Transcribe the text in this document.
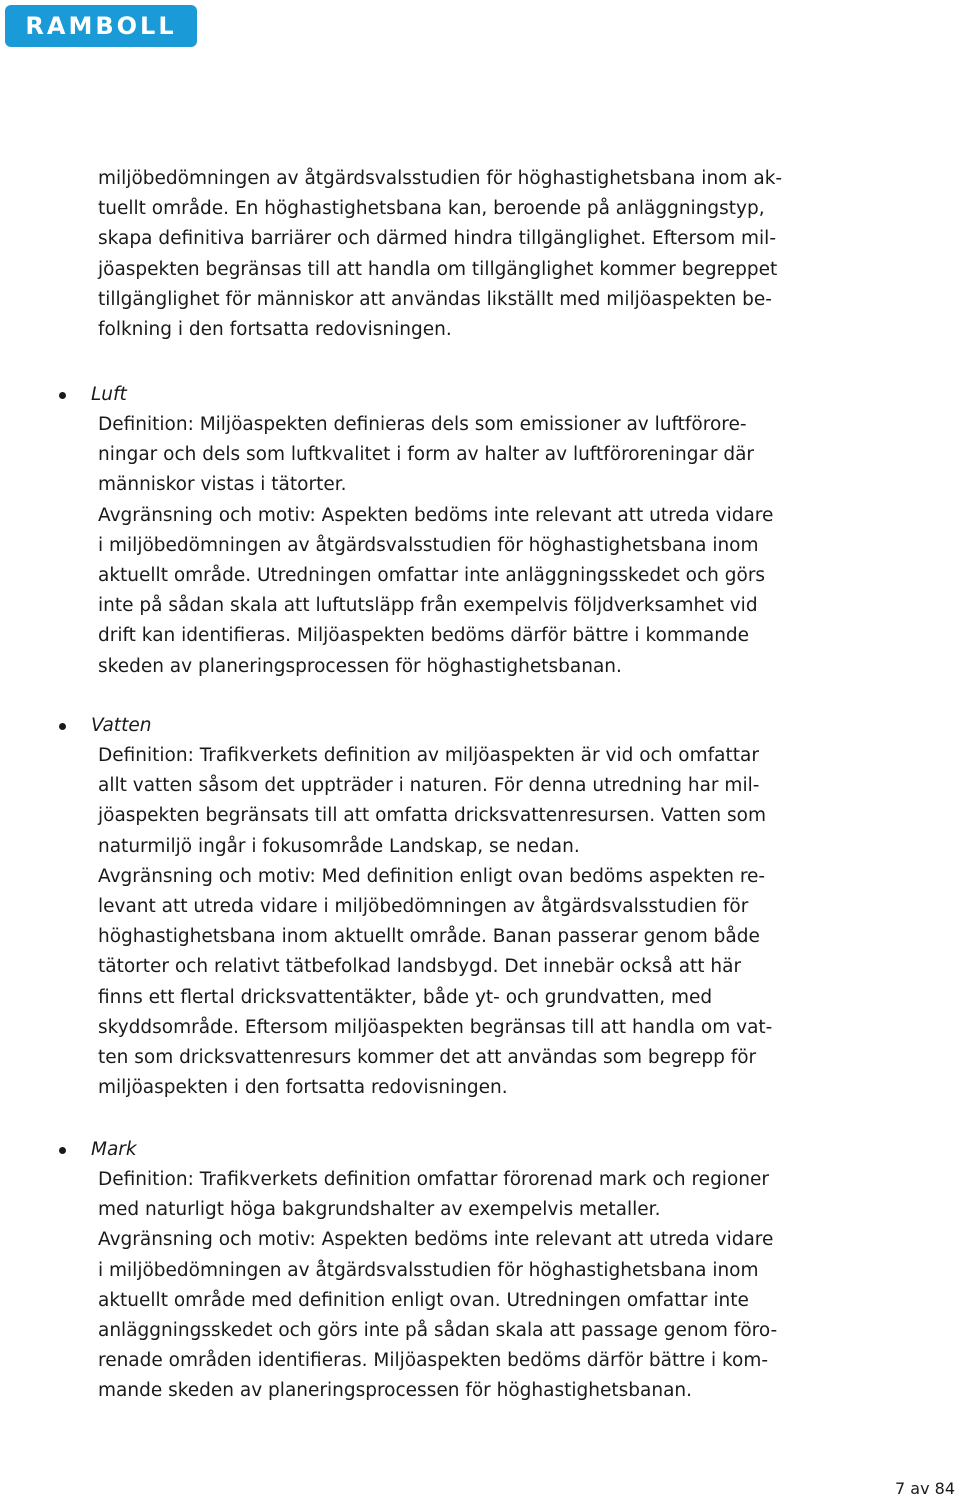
RAMBOLL
miljöbedömningen av åtgärdsvalsstudien för höghastighetsbana inom ak-
tuellt område. En höghastighetsbana kan, beroende på anläggningstyp,
skapa definitiva barriärer och därmed hindra tillgänglighet. Eftersom mil-
jöaspekten begränsas till att handla om tillgänglighet kommer begreppet
tillgänglighet för människor att användas likställt med miljöaspekten be-
folkning i den fortsatta redovisningen.
Luft
Definition: Miljöaspekten definieras dels som emissioner av luftförore-
ningar och dels som luftkvalitet i form av halter av luftföroreningar där
människor vistas i tätorter.
Avgränsning och motiv: Aspekten bedöms inte relevant att utreda vidare
i miljöbedömningen av åtgärdsvalsstudien för höghastighetsbana inom
aktuellt område. Utredningen omfattar inte anläggningsskedet och görs
inte på sådan skala att luftutsläpp från exempelvis följdverksamhet vid
drift kan identifieras. Miljöaspekten bedöms därför bättre i kommande
skeden av planeringsprocessen för höghastighetsbanan.
Vatten
Definition: Trafikverkets definition av miljöaspekten är vid och omfattar
allt vatten såsom det uppträder i naturen. För denna utredning har mil-
jöaspekten begränsats till att omfatta dricksvattenresursen. Vatten som
naturmiljö ingår i fokusområde Landskap, se nedan.
Avgränsning och motiv: Med definition enligt ovan bedöms aspekten re-
levant att utreda vidare i miljöbedömningen av åtgärdsvalsstudien för
höghastighetsbana inom aktuellt område. Banan passerar genom både
tätorter och relativt tätbefolkad landsbygd. Det innebär också att här
finns ett flertal dricksvattentäkter, både yt- och grundvatten, med
skyddsområde. Eftersom miljöaspekten begränsas till att handla om vat-
ten som dricksvattenresurs kommer det att användas som begrepp för
miljöaspekten i den fortsatta redovisningen.
Mark
Definition: Trafikverkets definition omfattar förorenad mark och regioner
med naturligt höga bakgrundshalter av exempelvis metaller.
Avgränsning och motiv: Aspekten bedöms inte relevant att utreda vidare
i miljöbedömningen av åtgärdsvalsstudien för höghastighetsbana inom
aktuellt område med definition enligt ovan. Utredningen omfattar inte
anläggningsskedet och görs inte på sådan skala att passage genom föro-
renade områden identifieras. Miljöaspekten bedöms därför bättre i kom-
mande skeden av planeringsprocessen för höghastighetsbanan.
7 av 84
